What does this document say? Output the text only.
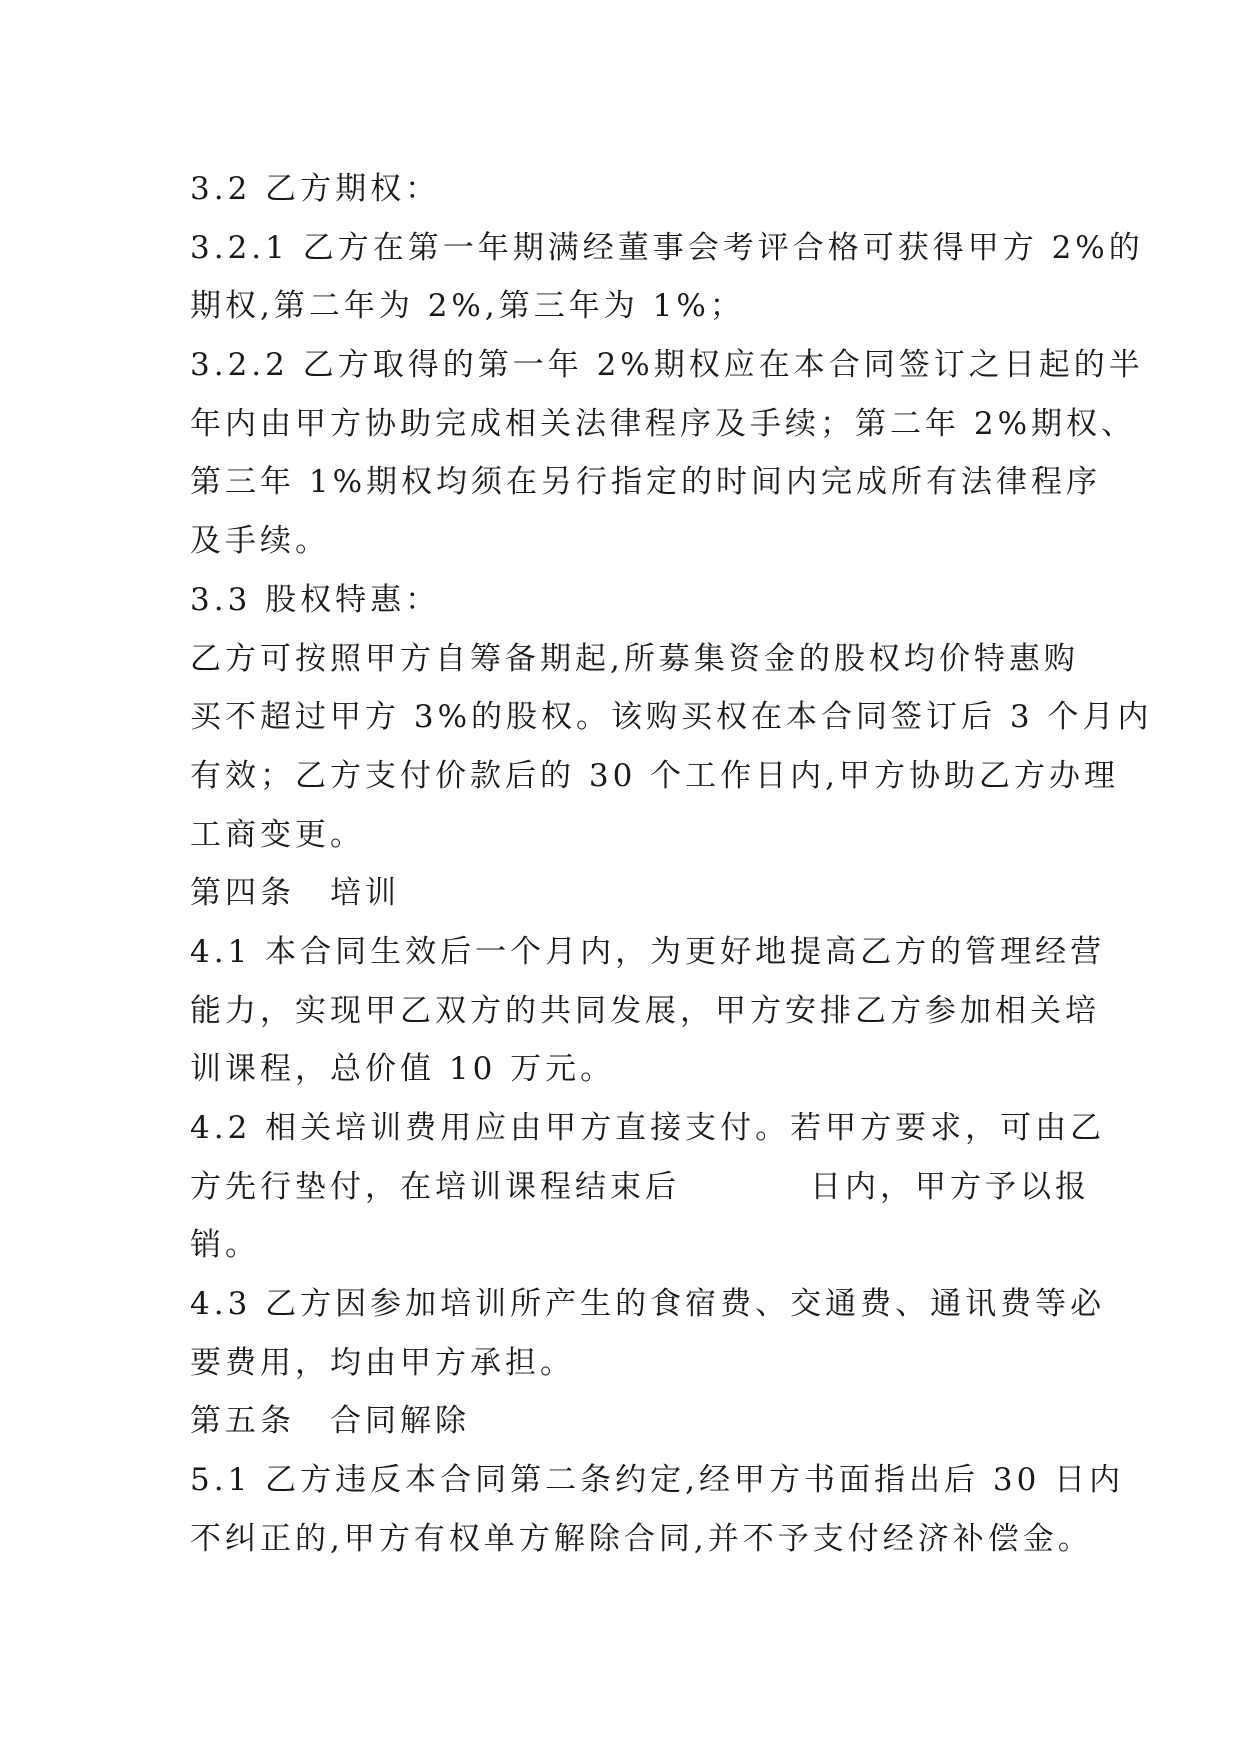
3.2 乙方期权：
3.2.1 乙方在第一年期满经董事会考评合格可获得甲方 2%的
期权,第二年为 2%,第三年为 1%；
3.2.2 乙方取得的第一年 2%期权应在本合同签订之日起的半
年内由甲方协助完成相关法律程序及手续；第二年 2%期权、
第三年 1%期权均须在另行指定的时间内完成所有法律程序
及手续。
3.3 股权特惠：
乙方可按照甲方自筹备期起,所募集资金的股权均价特惠购
买不超过甲方 3%的股权。该购买权在本合同签订后 3 个月内
有效；乙方支付价款后的 30 个工作日内,甲方协助乙方办理
工商变更。
第四条　培训
4.1 本合同生效后一个月内，为更好地提高乙方的管理经营
能力，实现甲乙双方的共同发展，甲方安排乙方参加相关培
训课程，总价值 10 万元。
4.2 相关培训费用应由甲方直接支付。若甲方要求，可由乙
方先行垫付，在培训课程结束后	日内，甲方予以报
销。
4.3 乙方因参加培训所产生的食宿费、交通费、通讯费等必
要费用，均由甲方承担。
第五条　合同解除
5.1 乙方违反本合同第二条约定,经甲方书面指出后 30 日内
不纠正的,甲方有权单方解除合同,并不予支付经济补偿金。
